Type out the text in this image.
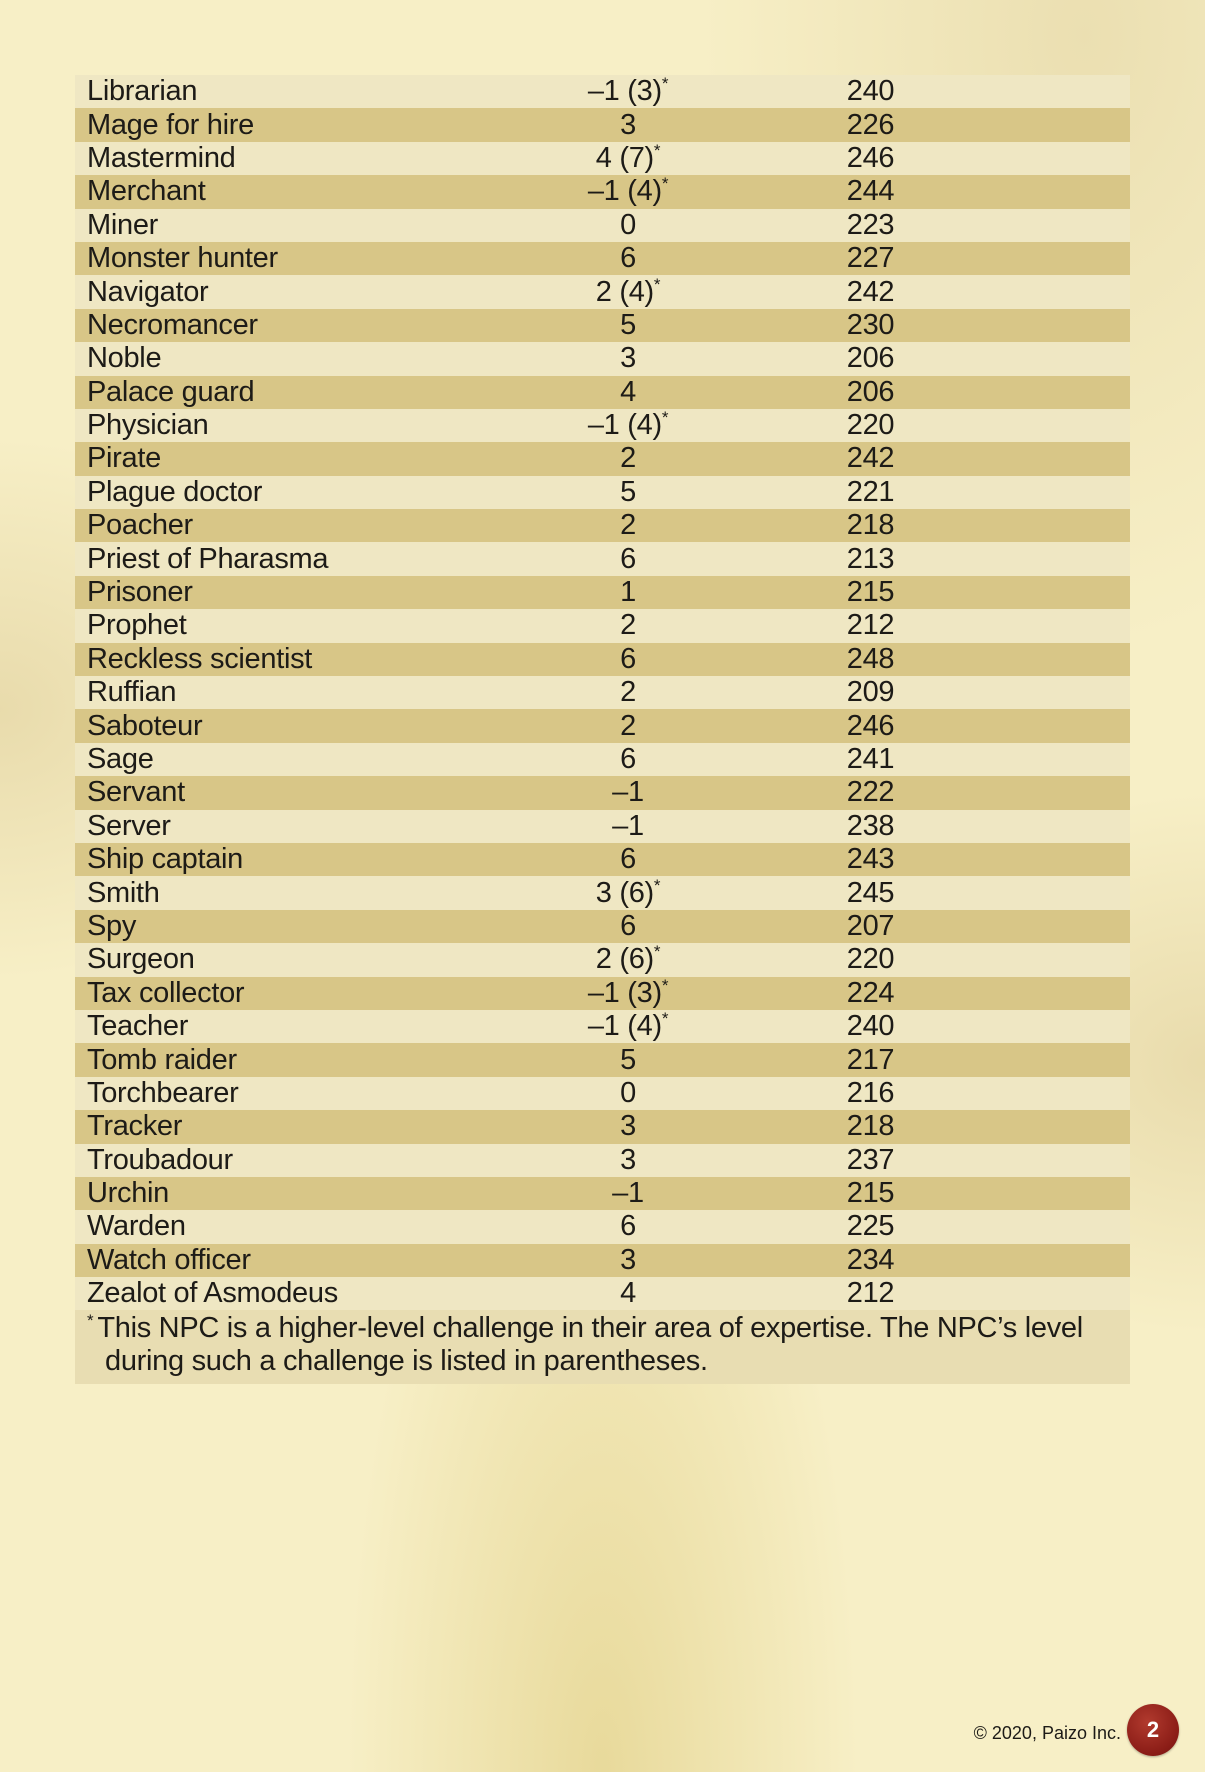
Librarian	–1 (3)*	240
Mage for hire	3	226
Mastermind	4 (7)*	246
Merchant	–1 (4)*	244
Miner	0	223
Monster hunter	6	227
Navigator	2 (4)*	242
Necromancer	5	230
Noble	3	206
Palace guard	4	206
Physician	–1 (4)*	220
Pirate	2	242
Plague doctor	5	221
Poacher	2	218
Priest of Pharasma	6	213
Prisoner	1	215
Prophet	2	212
Reckless scientist	6	248
Ruffian	2	209
Saboteur	2	246
Sage	6	241
Servant	–1	222
Server	–1	238
Ship captain	6	243
Smith	3 (6)*	245
Spy	6	207
Surgeon	2 (6)*	220
Tax collector	–1 (3)*	224
Teacher	–1 (4)*	240
Tomb raider	5	217
Torchbearer	0	216
Tracker	3	218
Troubadour	3	237
Urchin	–1	215
Warden	6	225
Watch officer	3	234
Zealot of Asmodeus	4	212
* This NPC is a higher-level challenge in their area of expertise. The NPC’s level during such a challenge is listed in parentheses.
© 2020, Paizo Inc.	2
